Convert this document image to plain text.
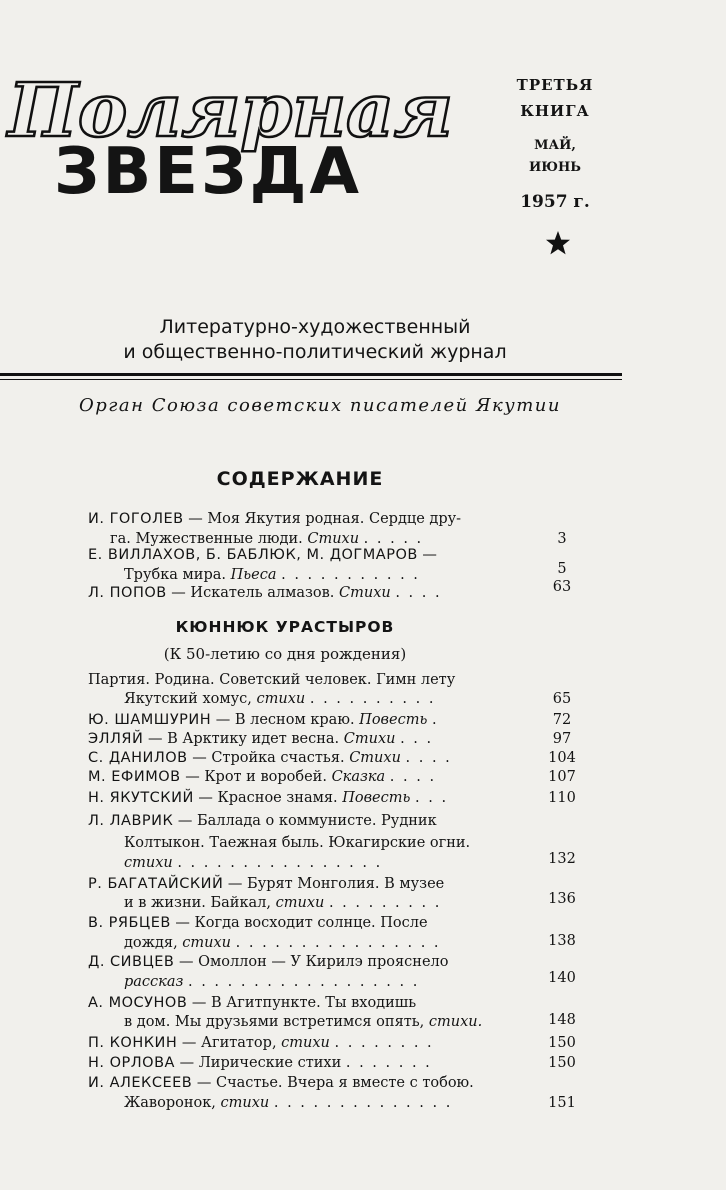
Полярная
ЗВЕЗДА
ТРЕТЬЯ
КНИГА
МАЙ,
ИЮНЬ
1957 г.
Литературно-художественный
и общественно-политический журнал
Орган Союза советских писателей Якутии
СОДЕРЖАНИЕ
И. ГОГОЛЕВ — Моя Якутия родная. Сердце дру-
га. Мужественные люди. Стихи . . . . .	3
Е. ВИЛЛАХОВ, Б. БАБЛЮК, М. ДОГМАРОВ —
Трубка мира. Пьеса . . . . . . . . . . .	5
Л. ПОПОВ — Искатель алмазов. Стихи . . . .	63
КЮННЮК УРАСТЫРОВ
(К 50-летию со дня рождения)
Партия. Родина. Советский человек. Гимн лету
Якутский хомус, стихи . . . . . . . . . .	65
Ю. ШАМШУРИН — В лесном краю. Повесть .	72
ЭЛЛЯЙ — В Арктику идет весна. Стихи . . .	97
С. ДАНИЛОВ — Стройка счастья. Стихи . . . .	104
М. ЕФИМОВ — Крот и воробей. Сказка . . . .	107
Н. ЯКУТСКИЙ — Красное знамя. Повесть . . .	110
Л. ЛАВРИК — Баллада о коммунисте. Рудник
Колтыкон. Таежная быль. Юкагирские огни.
стихи . . . . . . . . . . . . . . . .	132
Р. БАГАТАЙСКИЙ — Бурят Монголия. В музее
и в жизни. Байкал, стихи . . . . . . . . .	136
В. РЯБЦЕВ — Когда восходит солнце. После
дождя, стихи . . . . . . . . . . . . . . . .	138
Д. СИВЦЕВ — Омоллон — У Кирилэ прояснело
рассказ . . . . . . . . . . . . . . . . . .	140
А. МОСУНОВ — В Агитпункте. Ты входишь
в дом. Мы друзьями встретимся опять, стихи.	148
П. КОНКИН — Агитатор, стихи . . . . . . . .	150
Н. ОРЛОВА — Лирические стихи . . . . . . .	150
И. АЛЕКСЕЕВ — Счастье. Вчера я вместе с тобою.
Жаворонок, стихи . . . . . . . . . . . . . .	151
